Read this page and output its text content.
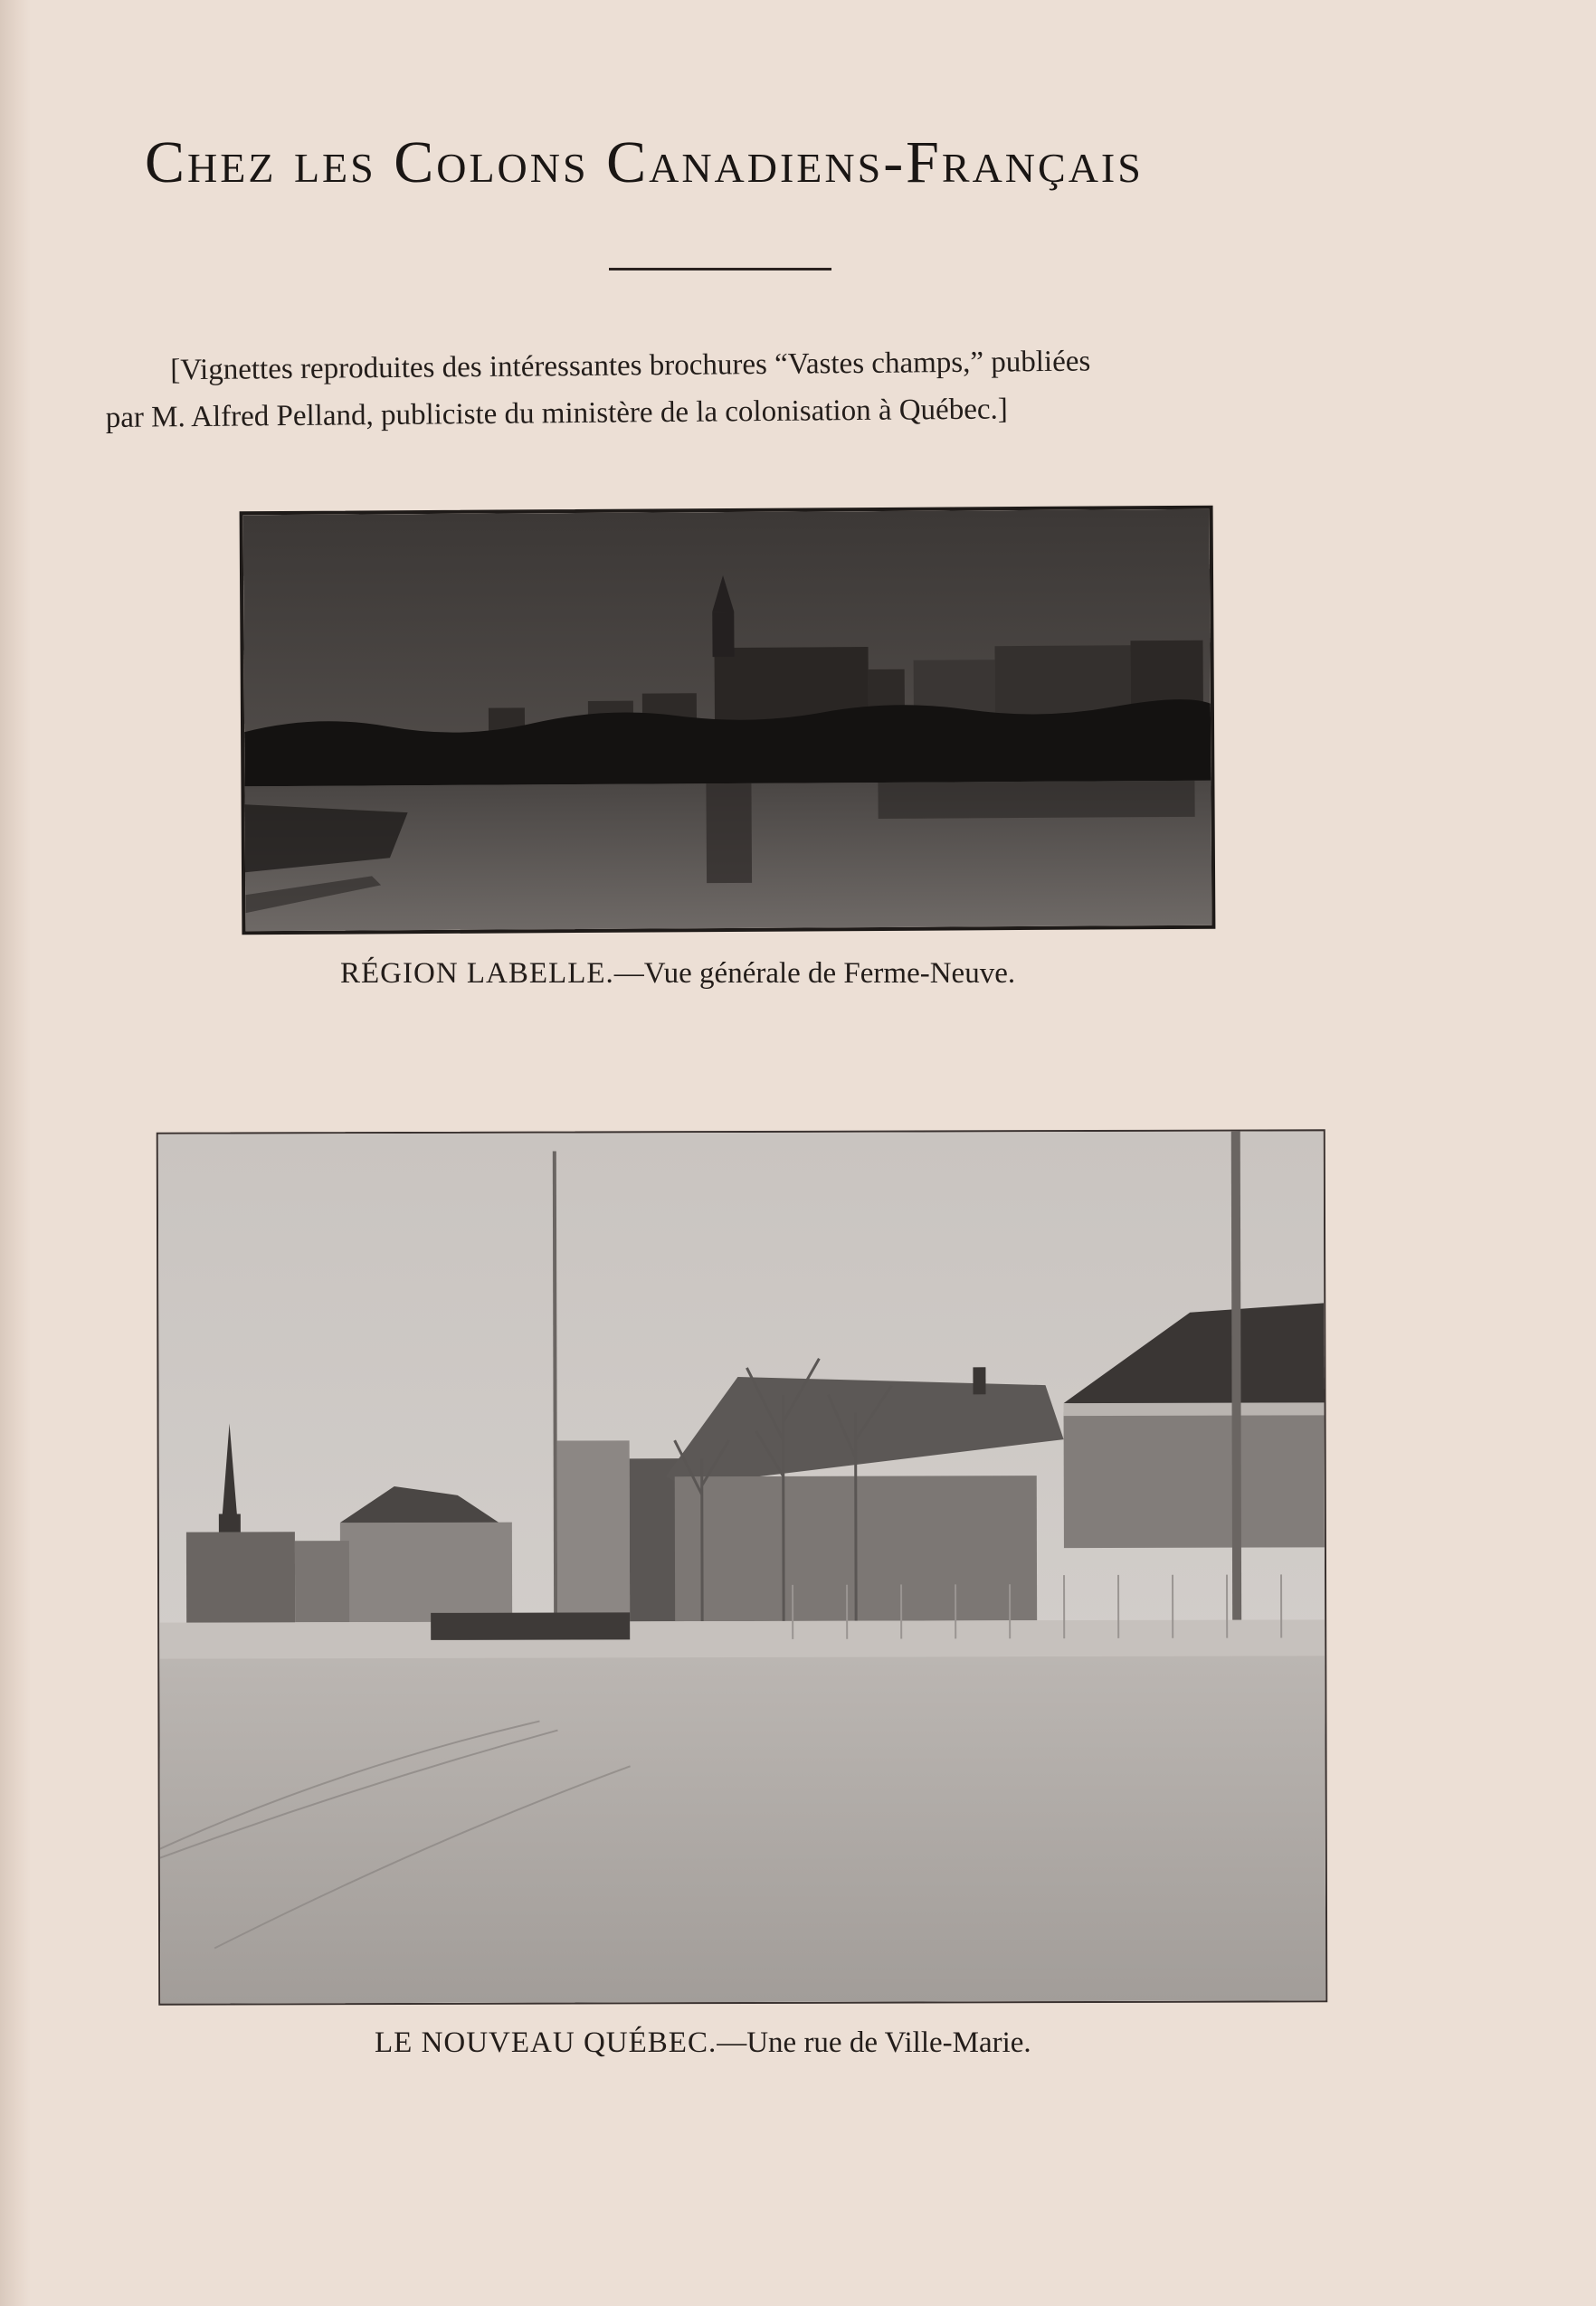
Chez les Colons Canadiens-Français

[Vignettes reproduites des intéressantes brochures “Vastes champs,” publiées
par M. Alfred Pelland, publiciste du ministère de la colonisation à Québec.]

RÉGION LABELLE.—Vue générale de Ferme-Neuve.

LE NOUVEAU QUÉBEC.—Une rue de Ville-Marie.
